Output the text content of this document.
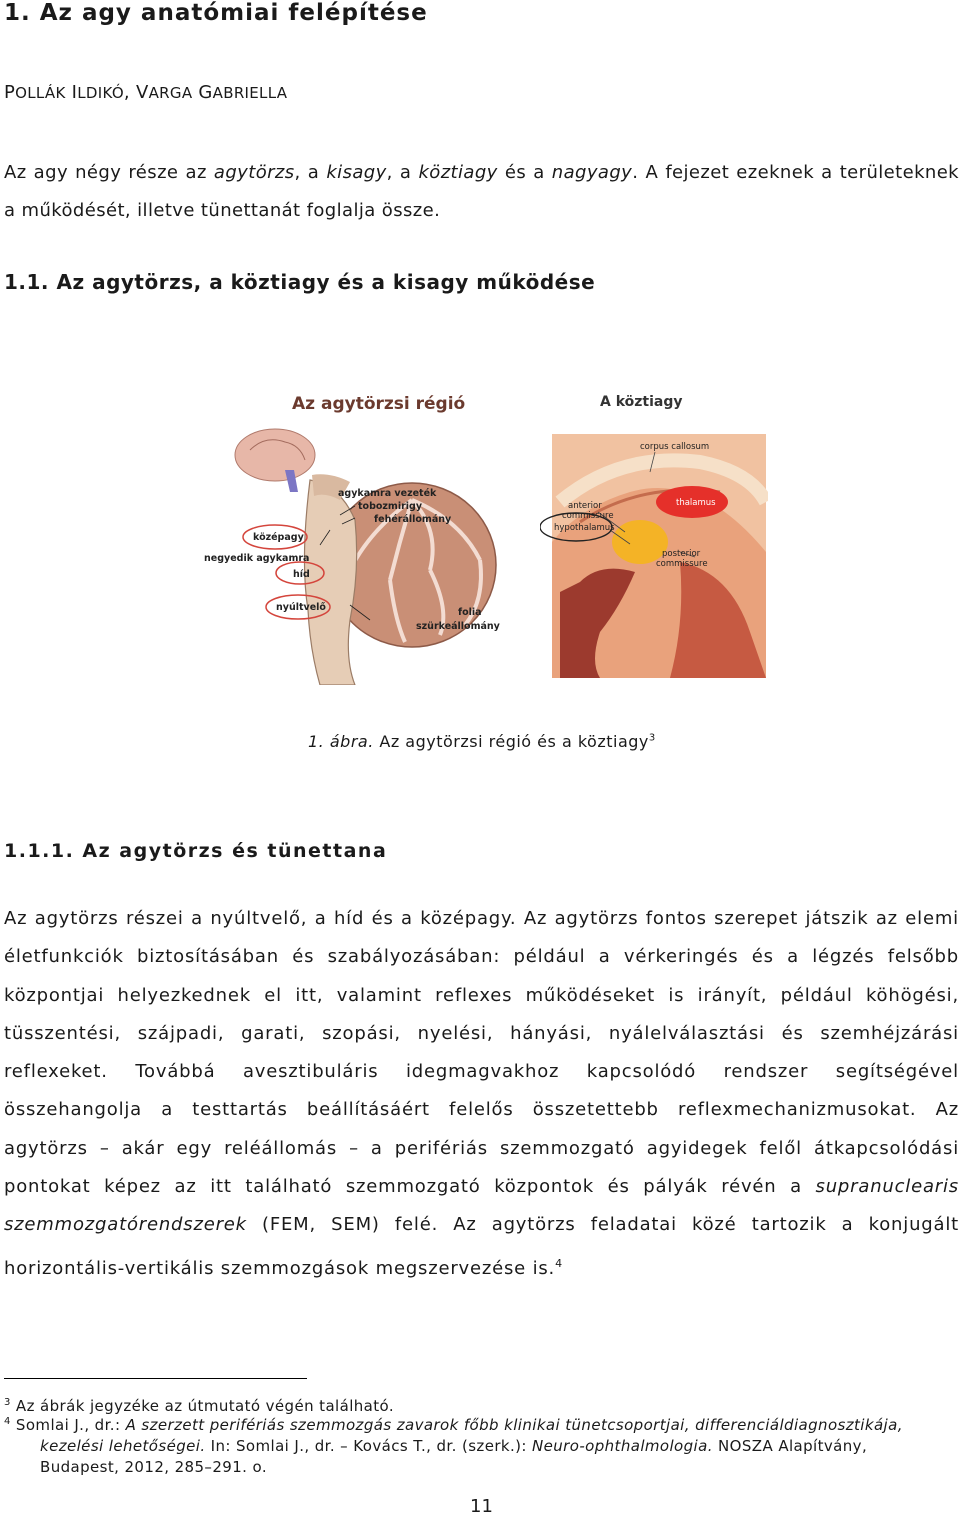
1. Az agy anatómiai felépítése
POLLÁK ILDIKÓ, VARGA GABRIELLA
Az agy négy része az agytörzs, a kisagy, a köztiagy és a nagyagy. A fejezet ezeknek a területeknek a működését, illetve tünettanát foglalja össze.
1.1. Az agytörzs, a köztiagy és a kisagy működése
Az agytörzsi régió	A köztiagy
agykamra vezeték
tobozmirigy
fehérállomány
középagy
negyedik agykamra
híd
nyúltvelő	folia
szürkeállomány
corpus callosum
thalamus
anterior
commissure
hypothalamus
posterior
commissure
1. ábra. Az agytörzsi régió és a köztiagy$^3$
1.1.1. Az agytörzs és tünettana
Az agytörzs részei a nyúltvelő, a híd és a középagy. Az agytörzs fontos szerepet játszik az elemi életfunkciók biztosításában és szabályozásában: például a vérkeringés és a légzés felsőbb központjai helyezkednek el itt, valamint reflexes működéseket is irányít, például köhögési, tüsszentési, szájpadi, garati, szopási, nyelési, hányási, nyálelválasztási és szemhéjzárási reflexeket. Továbbá avesztibuláris idegmagvakhoz kapcsolódó rendszer segítségével összehangolja a testtartás beállításáért felelős összetettebb reflexmechanizmusokat. Az agytörzs – akár egy reléállomás – a perifériás szemmozgató agyidegek felől átkapcsolódási pontokat képez az itt található szemmozgató központok és pályák révén a supranuclearis szemmozgatórendszerek (FEM, SEM) felé. Az agytörzs feladatai közé tartozik a konjugált horizontális-vertikális szemmozgások megszervezése is.$^4$
$^3$ Az ábrák jegyzéke az útmutató végén található.
$^4$ Somlai J., dr.: A szerzett perifériás szemmozgás zavarok főbb klinikai tünetcsoportjai, differenciáldiagnosztikája, kezelési lehetőségei. In: Somlai J., dr. – Kovács T., dr. (szerk.): Neuro-ophthalmologia. NOSZA Alapítvány, Budapest, 2012, 285–291. o.
11
